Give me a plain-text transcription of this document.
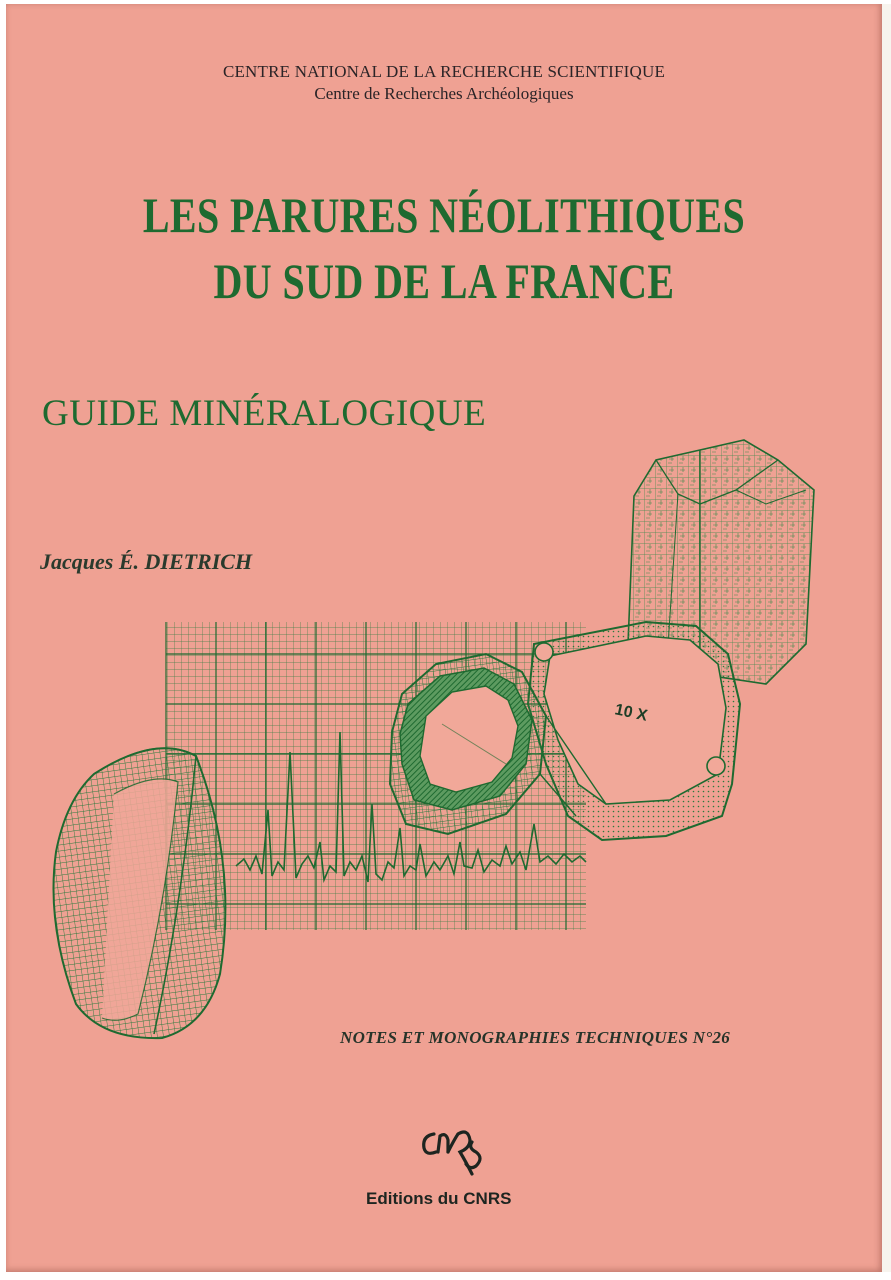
CENTRE NATIONAL DE LA RECHERCHE SCIENTIFIQUE
Centre de Recherches Archéologiques
LES PARURES NÉOLITHIQUES
DU SUD DE LA FRANCE
GUIDE MINÉRALOGIQUE
Jacques É. DIETRICH
10 X
NOTES ET MONOGRAPHIES TECHNIQUES N°26
Editions du CNRS
